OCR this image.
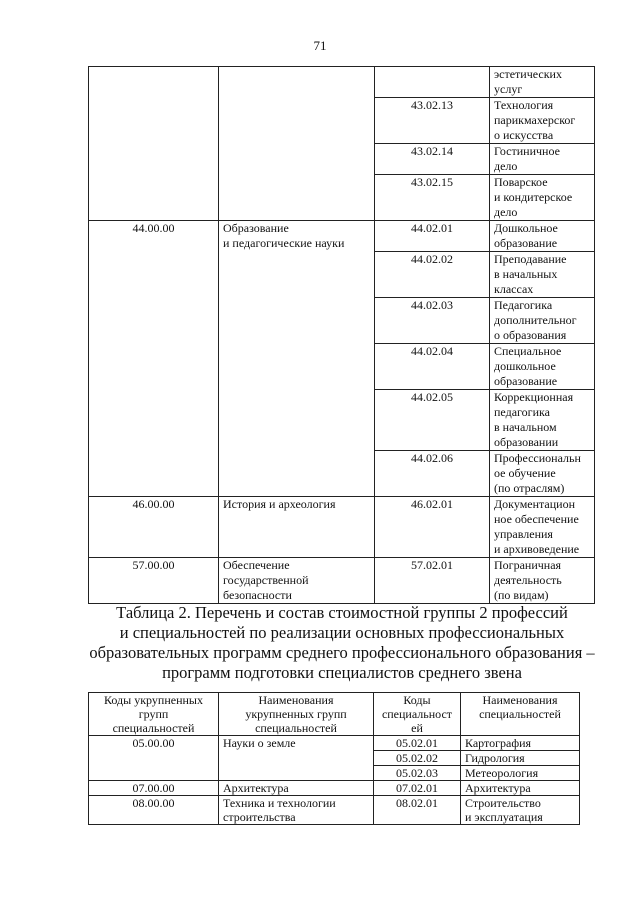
71
			эстетических
услуг
		43.02.13	Технология
парикмахерског
о искусства
		43.02.14	Гостиничное
дело
		43.02.15	Поварское
и кондитерское
дело
44.00.00	Образование
и педагогические науки	44.02.01	Дошкольное
образование
		44.02.02	Преподавание
в начальных
классах
		44.02.03	Педагогика
дополнительног
о образования
		44.02.04	Специальное
дошкольное
образование
		44.02.05	Коррекционная
педагогика
в начальном
образовании
		44.02.06	Профессиональн
ое обучение
(по отраслям)
46.00.00	История и археология	46.02.01	Документацион
ное обеспечение
управления
и архивоведение
57.00.00	Обеспечение
государственной
безопасности	57.02.01	Пограничная
деятельность
(по видам)
Таблица 2. Перечень и состав стоимостной группы 2 профессий
и специальностей по реализации основных профессиональных
образовательных программ среднего профессионального образования –
программ подготовки специалистов среднего звена
Коды укрупненных
групп
специальностей	Наименования
укрупненных групп
специальностей	Коды
специальност
ей	Наименования
специальностей
05.00.00	Науки о земле	05.02.01	Картография
		05.02.02	Гидрология
		05.02.03	Метеорология
07.00.00	Архитектура	07.02.01	Архитектура
08.00.00	Техника и технологии
строительства	08.02.01	Строительство
и эксплуатация
